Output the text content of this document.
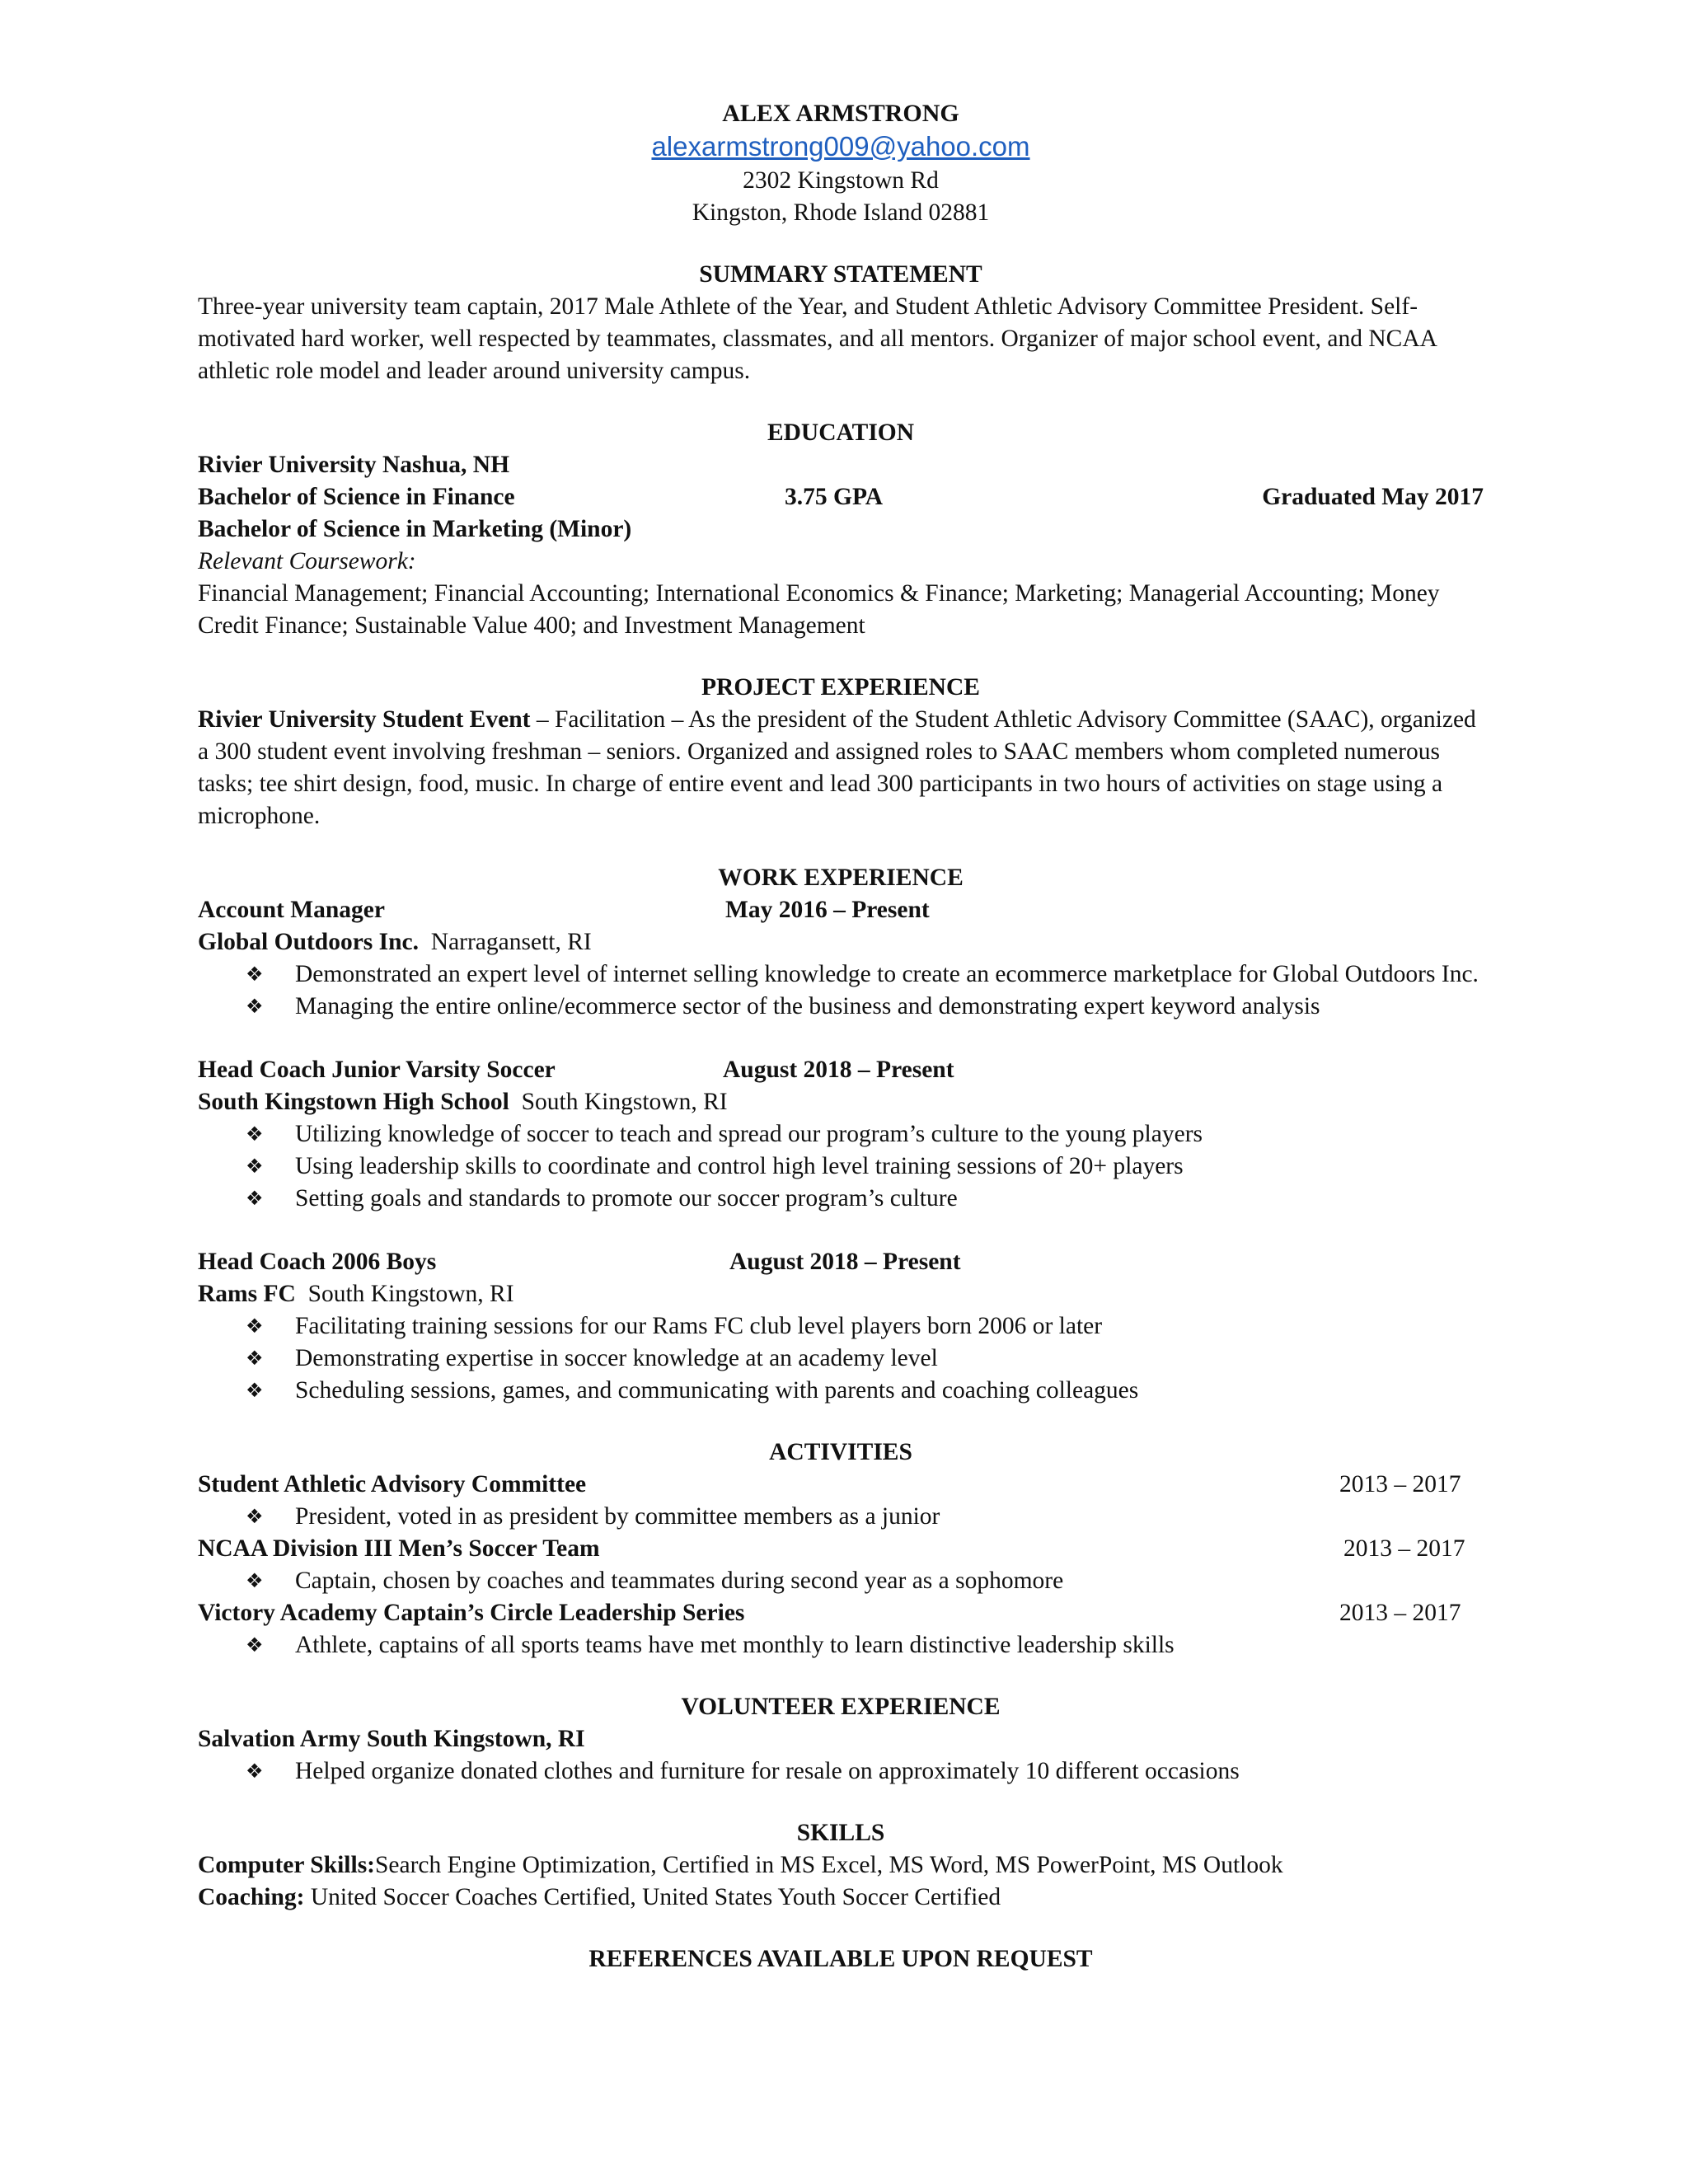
ALEX ARMSTRONG
alexarmstrong009@yahoo.com
2302 Kingstown Rd
Kingston, Rhode Island 02881
SUMMARY STATEMENT
Three-year university team captain, 2017 Male Athlete of the Year, and Student Athletic Advisory Committee President. Self-motivated hard worker, well respected by teammates, classmates, and all mentors. Organizer of major school event, and NCAA athletic role model and leader around university campus.
EDUCATION
Rivier University Nashua, NH
Bachelor of Science in Finance	3.75 GPA	Graduated May 2017
Bachelor of Science in Marketing (Minor)
Relevant Coursework:
Financial Management; Financial Accounting; International Economics & Finance; Marketing; Managerial Accounting; Money Credit Finance; Sustainable Value 400; and Investment Management
PROJECT EXPERIENCE
Rivier University Student Event – Facilitation – As the president of the Student Athletic Advisory Committee (SAAC), organized a 300 student event involving freshman – seniors. Organized and assigned roles to SAAC members whom completed numerous tasks; tee shirt design, food, music. In charge of entire event and lead 300 participants in two hours of activities on stage using a microphone.
WORK EXPERIENCE
Account Manager	May 2016 – Present
Global Outdoors Inc. Narragansett, RI
❖ Demonstrated an expert level of internet selling knowledge to create an ecommerce marketplace for Global Outdoors Inc.
❖ Managing the entire online/ecommerce sector of the business and demonstrating expert keyword analysis
Head Coach Junior Varsity Soccer	August 2018 – Present
South Kingstown High School South Kingstown, RI
❖ Utilizing knowledge of soccer to teach and spread our program’s culture to the young players
❖ Using leadership skills to coordinate and control high level training sessions of 20+ players
❖ Setting goals and standards to promote our soccer program’s culture
Head Coach 2006 Boys	August 2018 – Present
Rams FC South Kingstown, RI
❖ Facilitating training sessions for our Rams FC club level players born 2006 or later
❖ Demonstrating expertise in soccer knowledge at an academy level
❖ Scheduling sessions, games, and communicating with parents and coaching colleagues
ACTIVITIES
Student Athletic Advisory Committee	2013 – 2017
❖ President, voted in as president by committee members as a junior
NCAA Division III Men’s Soccer Team	2013 – 2017
❖ Captain, chosen by coaches and teammates during second year as a sophomore
Victory Academy Captain’s Circle Leadership Series	2013 – 2017
❖ Athlete, captains of all sports teams have met monthly to learn distinctive leadership skills
VOLUNTEER EXPERIENCE
Salvation Army South Kingstown, RI
❖ Helped organize donated clothes and furniture for resale on approximately 10 different occasions
SKILLS
Computer Skills:Search Engine Optimization, Certified in MS Excel, MS Word, MS PowerPoint, MS Outlook
Coaching: United Soccer Coaches Certified, United States Youth Soccer Certified
REFERENCES AVAILABLE UPON REQUEST
